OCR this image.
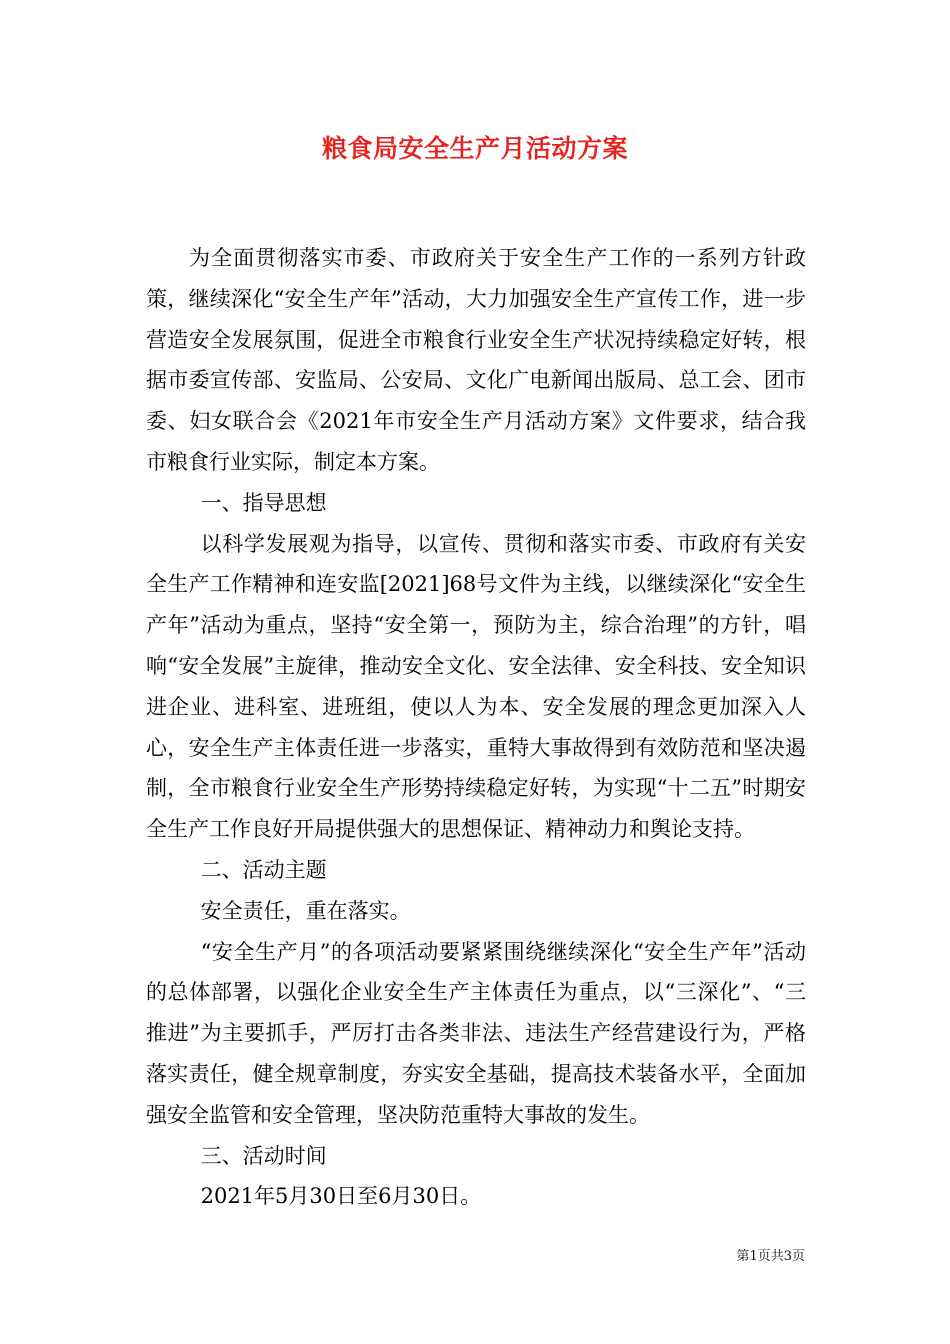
粮食局安全生产月活动方案

为全面贯彻落实市委、市政府关于安全生产工作的一系列方针政策，继续深化“安全生产年”活动，大力加强安全生产宣传工作，进一步营造安全发展氛围，促进全市粮食行业安全生产状况持续稳定好转，根据市委宣传部、安监局、公安局、文化广电新闻出版局、总工会、团市委、妇女联合会《2021年市安全生产月活动方案》文件要求，结合我市粮食行业实际，制定本方案。

一、指导思想

以科学发展观为指导，以宣传、贯彻和落实市委、市政府有关安全生产工作精神和连安监[2021]68号文件为主线，以继续深化“安全生产年”活动为重点，坚持“安全第一，预防为主，综合治理”的方针，唱响“安全发展”主旋律，推动安全文化、安全法律、安全科技、安全知识进企业、进科室、进班组，使以人为本、安全发展的理念更加深入人心，安全生产主体责任进一步落实，重特大事故得到有效防范和坚决遏制，全市粮食行业安全生产形势持续稳定好转，为实现“十二五”时期安全生产工作良好开局提供强大的思想保证、精神动力和舆论支持。

二、活动主题

安全责任，重在落实。

“安全生产月”的各项活动要紧紧围绕继续深化“安全生产年”活动的总体部署，以强化企业安全生产主体责任为重点，以“三深化”、“三推进”为主要抓手，严厉打击各类非法、违法生产经营建设行为，严格落实责任，健全规章制度，夯实安全基础，提高技术装备水平，全面加强安全监管和安全管理，坚决防范重特大事故的发生。

三、活动时间

2021年5月30日至6月30日。

第1页共3页
